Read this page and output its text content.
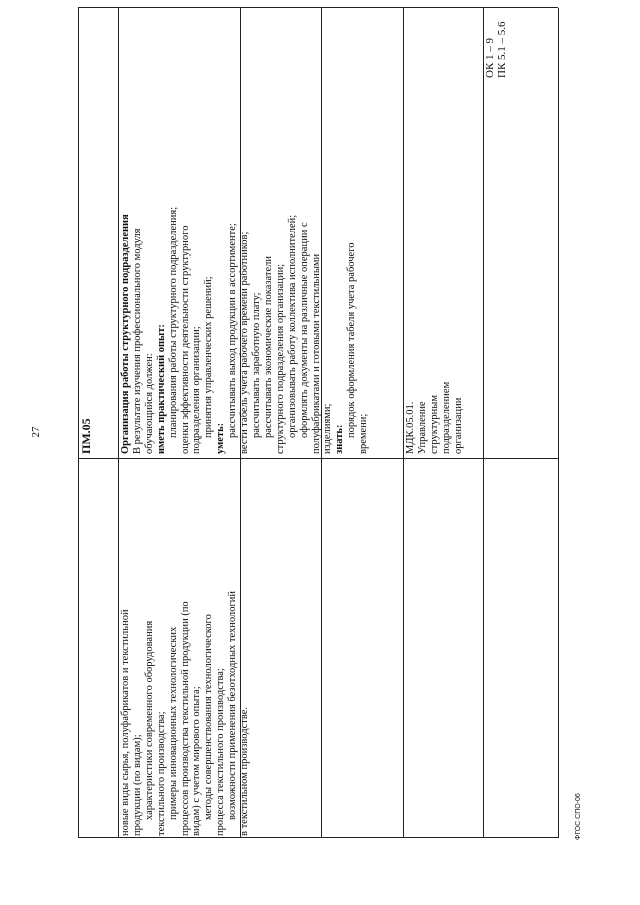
27
новые виды сырья, полуфабрикатов и текстильной продукции (по видам); характеристики современного оборудования текстильного производства; примеры инновационных технологических процессов производства текстильной продукции (по видам) с учетом мирового опыта; методы совершенствования технологического процесса текстильного производства; возможности применения безотходных технологий в текстильном производстве.
ПМ.05	Организация работы структурного подразделения В результате изучения профессионального модуля обучающийся должен: иметь практический опыт: планирования работы структурного подразделения; оценки эффективности деятельности структурного подразделения организации; принятия управленческих решений;
уметь:
рассчитывать выход продукции в ассортименте; вести табель учета рабочего времени работников; рассчитывать заработную плату; рассчитывать экономические показатели структурного подразделения организации; организовывать работу коллектива исполнителей; оформлять документы на различные операции с полуфабрикатами и готовыми текстильными изделиями; знать:
порядок оформления табеля учета рабочего времени;	МДК.05.01. Управление структурным подразделением организации
ОК 1 – 9 ПК 5.1 – 5.6
ФГОС СПО-06
